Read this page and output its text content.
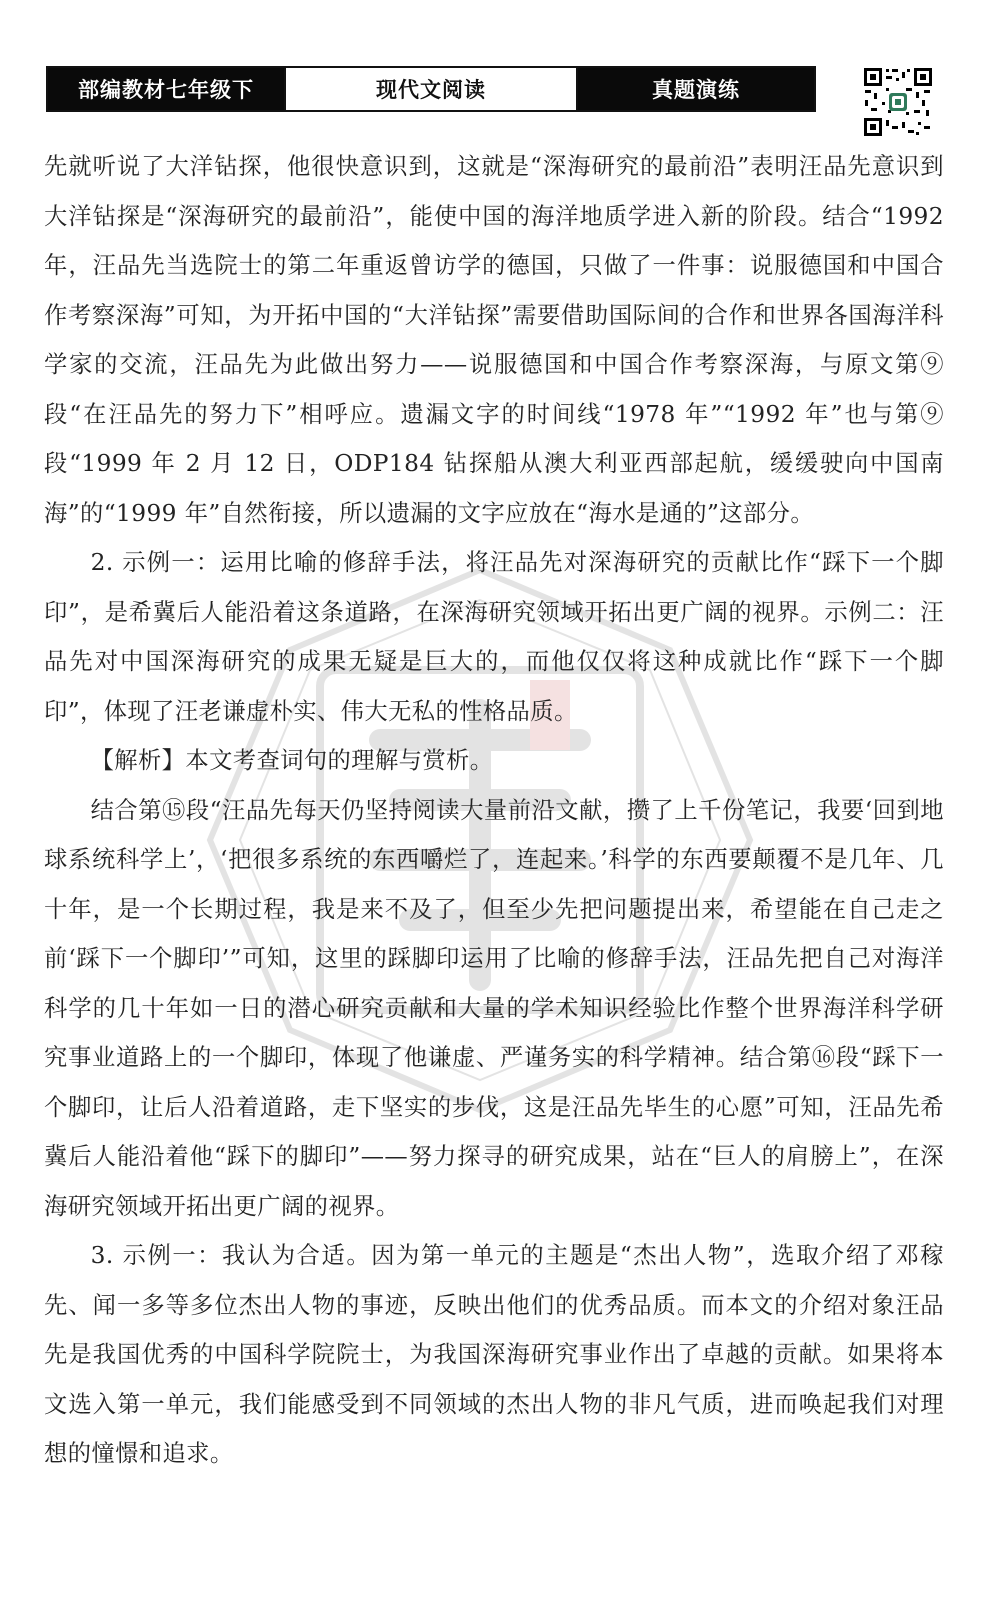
部编教材七年级下	现代文阅读	真题演练

先就听说了大洋钻探，他很快意识到，这就是“深海研究的最前沿”表明汪品先意识到大洋钻探是“深海研究的最前沿”，能使中国的海洋地质学进入新的阶段。结合“1992 年，汪品先当选院士的第二年重返曾访学的德国，只做了一件事：说服德国和中国合作考察深海”可知，为开拓中国的“大洋钻探”需要借助国际间的合作和世界各国海洋科学家的交流，汪品先为此做出努力——说服德国和中国合作考察深海，与原文第⑨段“在汪品先的努力下”相呼应。遗漏文字的时间线“1978 年”“1992 年”也与第⑨段“1999 年 2 月 12 日，ODP184 钻探船从澳大利亚西部起航，缓缓驶向中国南海”的“1999 年”自然衔接，所以遗漏的文字应放在“海水是通的”这部分。

2. 示例一：运用比喻的修辞手法，将汪品先对深海研究的贡献比作“踩下一个脚印”，是希冀后人能沿着这条道路，在深海研究领域开拓出更广阔的视界。示例二：汪品先对中国深海研究的成果无疑是巨大的，而他仅仅将这种成就比作“踩下一个脚印”，体现了汪老谦虚朴实、伟大无私的性格品质。

【解析】本文考查词句的理解与赏析。

结合第⑮段“汪品先每天仍坚持阅读大量前沿文献，攒了上千份笔记，我要‘回到地球系统科学上’，‘把很多系统的东西嚼烂了，连起来。’科学的东西要颠覆不是几年、几十年，是一个长期过程，我是来不及了，但至少先把问题提出来，希望能在自己走之前‘踩下一个脚印’”可知，这里的踩脚印运用了比喻的修辞手法，汪品先把自己对海洋科学的几十年如一日的潜心研究贡献和大量的学术知识经验比作整个世界海洋科学研究事业道路上的一个脚印，体现了他谦虚、严谨务实的科学精神。结合第⑯段“踩下一个脚印，让后人沿着道路，走下坚实的步伐，这是汪品先毕生的心愿”可知，汪品先希冀后人能沿着他“踩下的脚印”——努力探寻的研究成果，站在“巨人的肩膀上”，在深海研究领域开拓出更广阔的视界。

3. 示例一：我认为合适。因为第一单元的主题是“杰出人物”，选取介绍了邓稼先、闻一多等多位杰出人物的事迹，反映出他们的优秀品质。而本文的介绍对象汪品先是我国优秀的中国科学院院士，为我国深海研究事业作出了卓越的贡献。如果将本文选入第一单元，我们能感受到不同领域的杰出人物的非凡气质，进而唤起我们对理想的憧憬和追求。
